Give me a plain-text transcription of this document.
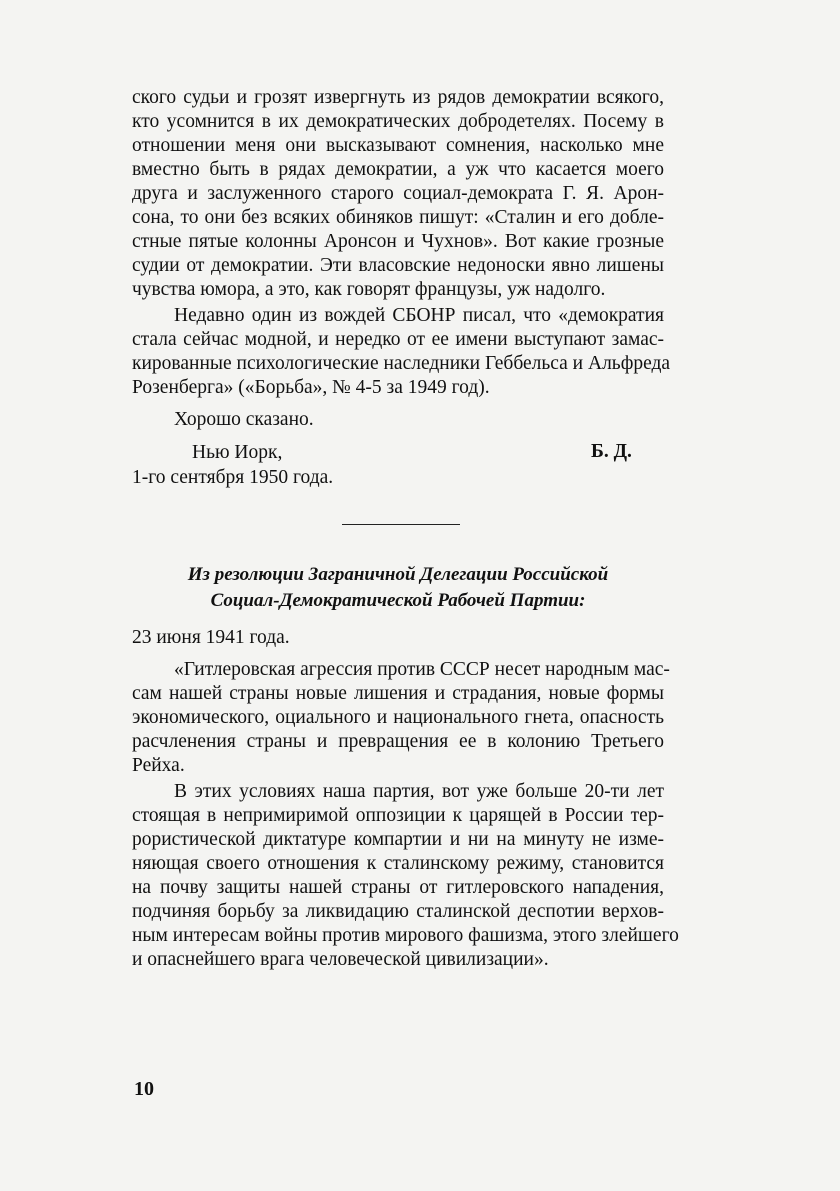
ского судьи и грозят извергнуть из рядов демократии всякого,
кто усомнится в их демократических добродетелях. Посему в
отношении меня они высказывают сомнения, насколько мне
вместно быть в рядах демократии, а уж что касается моего
друга и заслуженного старого социал-демократа Г. Я. Арон-
сона, то они без всяких обиняков пишут: «Сталин и его добле-
стные пятые колонны Аронсон и Чухнов». Вот какие грозные
судии от демократии. Эти власовские недоноски явно лишены
чувства юмора, а это, как говорят французы, уж надолго.
Недавно один из вождей СБОНР писал, что «демократия
стала сейчас модной, и нередко от ее имени выступают замас-
кированные психологические наследники Геббельса и Альфреда
Розенберга» («Борьба», № 4-5 за 1949 год).
Хорошо сказано.
Нью Иорк,	Б. Д.
1-го сентября 1950 года.
Из резолюции Заграничной Делегации Российской
Социал-Демократической Рабочей Партии:
23 июня 1941 года.
«Гитлеровская агрессия против СССР несет народным мас-
сам нашей страны новые лишения и страдания, новые формы
экономического, оциального и национального гнета, опасность
расчленения страны и превращения ее в колонию Третьего
Рейха.
В этих условиях наша партия, вот уже больше 20-ти лет
стоящая в непримиримой оппозиции к царящей в России тер-
рористической диктатуре компартии и ни на минуту не изме-
няющая своего отношения к сталинскому режиму, становится
на почву защиты нашей страны от гитлеровского нападения,
подчиняя борьбу за ликвидацию сталинской деспотии верхов-
ным интересам войны против мирового фашизма, этого злейшего
и опаснейшего врага человеческой цивилизации».
10
